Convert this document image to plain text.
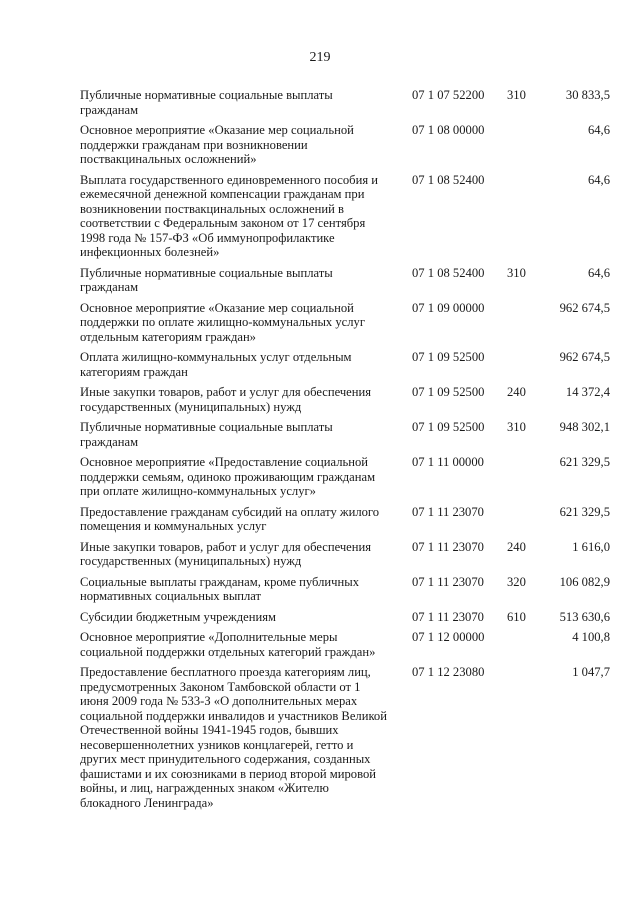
219
Публичные нормативные социальные выплаты гражданам
07 1 07 52200	310	30 833,5
Основное мероприятие «Оказание мер социальной поддержки гражданам при возникновении поствакцинальных осложнений»
07 1 08 00000	64,6
Выплата государственного единовременного пособия и ежемесячной денежной компенсации гражданам при возникновении поствакцинальных осложнений в соответствии с Федеральным законом от 17 сентября 1998 года № 157-ФЗ «Об иммунопрофилактике инфекционных болезней»
07 1 08 52400	64,6
Публичные нормативные социальные выплаты гражданам
07 1 08 52400	310	64,6
Основное мероприятие «Оказание мер социальной поддержки по оплате жилищно-коммунальных услуг отдельным категориям граждан»
07 1 09 00000	962 674,5
Оплата жилищно-коммунальных услуг отдельным категориям граждан
07 1 09 52500	962 674,5
Иные закупки товаров, работ и услуг для обеспечения государственных (муниципальных) нужд
07 1 09 52500	240	14 372,4
Публичные нормативные социальные выплаты гражданам
07 1 09 52500	310	948 302,1
Основное мероприятие «Предоставление социальной поддержки семьям, одиноко проживающим гражданам при оплате жилищно-коммунальных услуг»
07 1 11 00000	621 329,5
Предоставление гражданам субсидий на оплату жилого помещения и коммунальных услуг
07 1 11 23070	621 329,5
Иные закупки товаров, работ и услуг для обеспечения государственных (муниципальных) нужд
07 1 11 23070	240	1 616,0
Социальные выплаты гражданам, кроме публичных нормативных социальных выплат
07 1 11 23070	320	106 082,9
Субсидии бюджетным учреждениям	07 1 11 23070	610	513 630,6
Основное мероприятие «Дополнительные меры социальной поддержки отдельных категорий граждан»
07 1 12 00000	4 100,8
Предоставление бесплатного проезда категориям лиц, предусмотренных Законом Тамбовской области от 1 июня 2009 года № 533-З «О дополнительных мерах социальной поддержки инвалидов и участников Великой Отечественной войны 1941-1945 годов, бывших несовершеннолетних узников концлагерей, гетто и других мест принудительного содержания, созданных фашистами и их союзниками в период второй мировой войны, и лиц, награжденных знаком «Жителю блокадного Ленинграда»
07 1 12 23080	1 047,7
